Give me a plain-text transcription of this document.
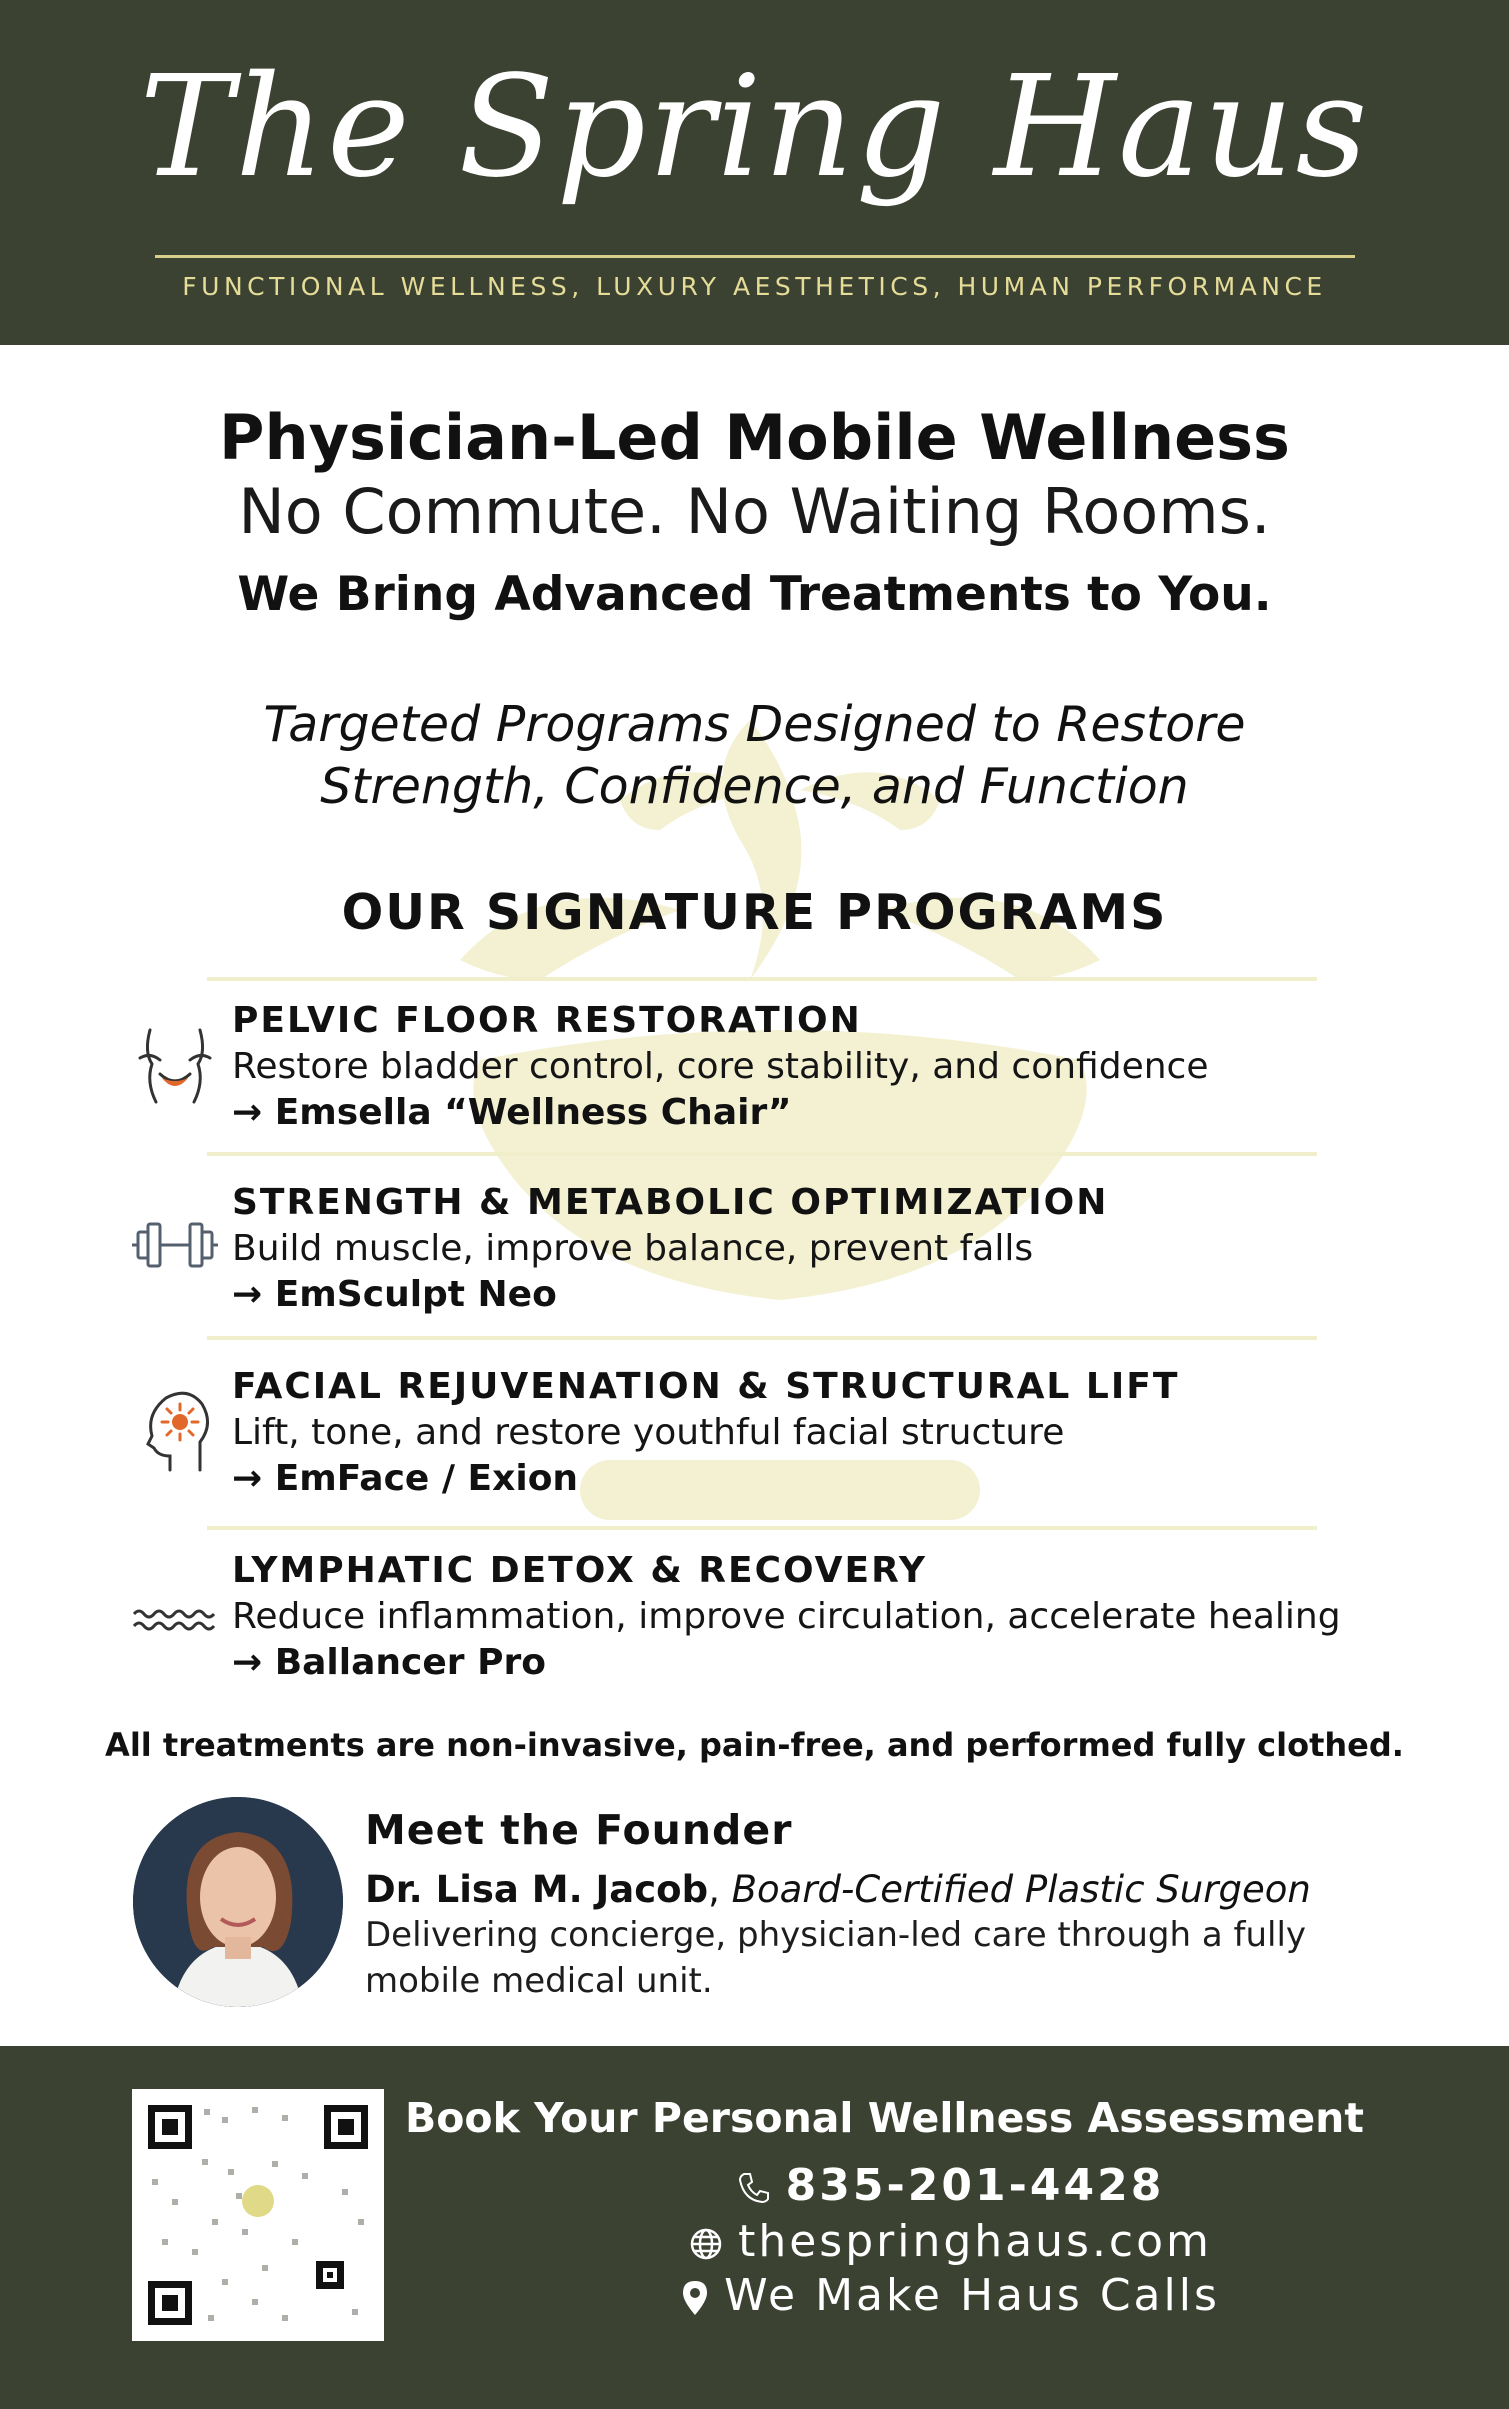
The Spring Haus
FUNCTIONAL WELLNESS, LUXURY AESTHETICS, HUMAN PERFORMANCE
Physician-Led Mobile Wellness
No Commute. No Waiting Rooms.
We Bring Advanced Treatments to You.
Targeted Programs Designed to Restore
Strength, Confidence, and Function
OUR SIGNATURE PROGRAMS
PELVIC FLOOR RESTORATION
Restore bladder control, core stability, and confidence
→ Emsella “Wellness Chair”
STRENGTH & METABOLIC OPTIMIZATION
Build muscle, improve balance, prevent falls
→ EmSculpt Neo
FACIAL REJUVENATION & STRUCTURAL LIFT
Lift, tone, and restore youthful facial structure
→ EmFace / Exion
LYMPHATIC DETOX & RECOVERY
Reduce inflammation, improve circulation, accelerate healing
→ Ballancer Pro
All treatments are non-invasive, pain-free, and performed fully clothed.
Meet the Founder
Dr. Lisa M. Jacob, Board-Certified Plastic Surgeon
Delivering concierge, physician-led care through a fully
mobile medical unit.
Book Your Personal Wellness Assessment
835-201-4428
thespringhaus.com
We Make Haus Calls
